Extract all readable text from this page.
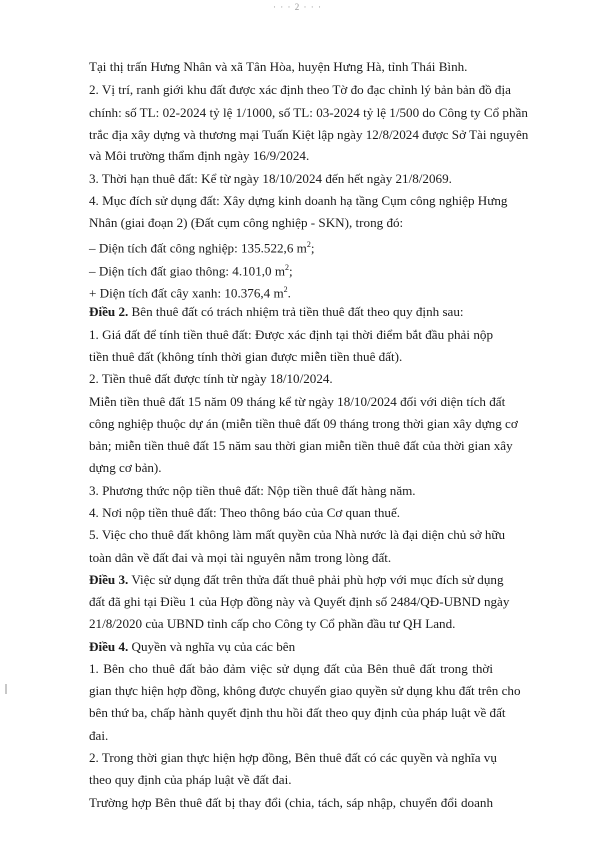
· · · 2 · · ·
Tại thị trấn Hưng Nhân và xã Tân Hòa, huyện Hưng Hà, tỉnh Thái Bình.
2. Vị trí, ranh giới khu đất được xác định theo Tờ đo đạc chỉnh lý bản bản đồ địa
chính: số TL: 02-2024 tỷ lệ 1/1000, số TL: 03-2024 tỷ lệ 1/500 do Công ty Cổ phần
trắc địa xây dựng và thương mại Tuấn Kiệt lập ngày 12/8/2024 được Sở Tài nguyên
và Môi trường thẩm định ngày 16/9/2024.
3. Thời hạn thuê đất: Kể từ ngày 18/10/2024 đến hết ngày 21/8/2069.
4. Mục đích sử dụng đất: Xây dựng kinh doanh hạ tầng Cụm công nghiệp Hưng
Nhân (giai đoạn 2) (Đất cụm công nghiệp - SKN), trong đó:
– Diện tích đất công nghiệp: 135.522,6 $m^2$;
– Diện tích đất giao thông: 4.101,0 $m^2$;
+ Diện tích đất cây xanh: 10.376,4 $m^2$.
Điều 2. Bên thuê đất có trách nhiệm trả tiền thuê đất theo quy định sau:
1. Giá đất để tính tiền thuê đất: Được xác định tại thời điểm bắt đầu phải nộp
tiền thuê đất (không tính thời gian được miễn tiền thuê đất).
2. Tiền thuê đất được tính từ ngày 18/10/2024.
Miễn tiền thuê đất 15 năm 09 tháng kể từ ngày 18/10/2024 đối với diện tích đất
công nghiệp thuộc dự án (miễn tiền thuê đất 09 tháng trong thời gian xây dựng cơ
bản; miễn tiền thuê đất 15 năm sau thời gian miễn tiền thuê đất của thời gian xây
dựng cơ bản).
3. Phương thức nộp tiền thuê đất: Nộp tiền thuê đất hàng năm.
4. Nơi nộp tiền thuê đất: Theo thông báo của Cơ quan thuế.
5. Việc cho thuê đất không làm mất quyền của Nhà nước là đại diện chủ sở hữu
toàn dân về đất đai và mọi tài nguyên nằm trong lòng đất.
Điều 3. Việc sử dụng đất trên thửa đất thuê phải phù hợp với mục đích sử dụng
đất đã ghi tại Điều 1 của Hợp đồng này và Quyết định số 2484/QĐ-UBND ngày
21/8/2020 của UBND tỉnh cấp cho Công ty Cổ phần đầu tư QH Land.
Điều 4. Quyền và nghĩa vụ của các bên
1. Bên cho thuê đất bảo đảm việc sử dụng đất của Bên thuê đất trong thời
gian thực hiện hợp đồng, không được chuyển giao quyền sử dụng khu đất trên cho
bên thứ ba, chấp hành quyết định thu hồi đất theo quy định của pháp luật về đất
đai.
2. Trong thời gian thực hiện hợp đồng, Bên thuê đất có các quyền và nghĩa vụ
theo quy định của pháp luật về đất đai.
Trường hợp Bên thuê đất bị thay đổi (chia, tách, sáp nhập, chuyển đổi doanh
